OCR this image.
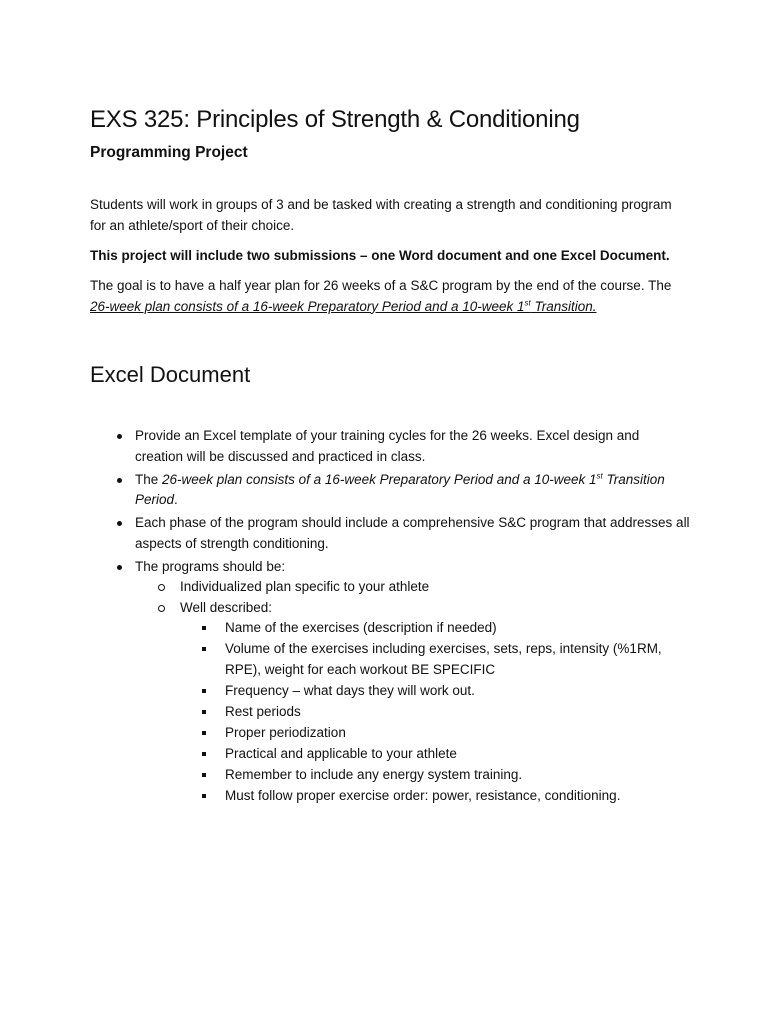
EXS 325: Principles of Strength & Conditioning
Programming Project

Students will work in groups of 3 and be tasked with creating a strength and conditioning program for an athlete/sport of their choice.

This project will include two submissions – one Word document and one Excel Document.

The goal is to have a half year plan for 26 weeks of a S&C program by the end of the course. The 26-week plan consists of a 16-week Preparatory Period and a 10-week 1st Transition.

Excel Document
Provide an Excel template of your training cycles for the 26 weeks. Excel design and creation will be discussed and practiced in class.
The 26-week plan consists of a 16-week Preparatory Period and a 10-week 1st Transition Period.
Each phase of the program should include a comprehensive S&C program that addresses all aspects of strength conditioning.
The programs should be:
Individualized plan specific to your athlete
Well described:
Name of the exercises (description if needed)
Volume of the exercises including exercises, sets, reps, intensity (%1RM, RPE), weight for each workout BE SPECIFIC
Frequency – what days they will work out.
Rest periods
Proper periodization
Practical and applicable to your athlete
Remember to include any energy system training.
Must follow proper exercise order: power, resistance, conditioning.
